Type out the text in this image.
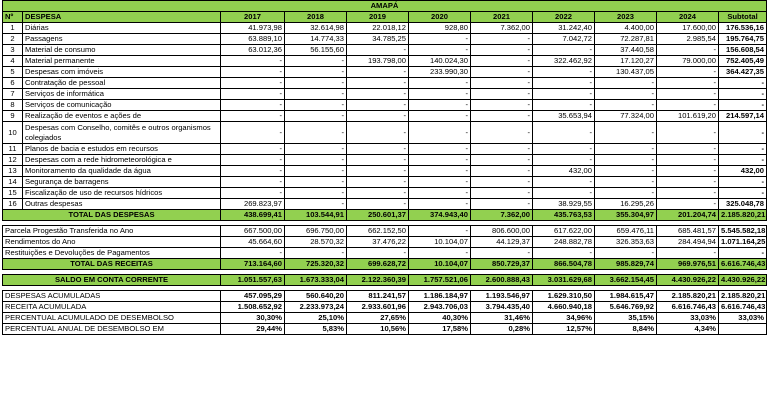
AMAPÁ										
Nº	DESPESA	2017	2018	2019	2020	2021	2022	2023	2024	Subtotal
1	Diárias	41.973,98	32.614,98	22.018,12	928,80	7.362,00	31.242,40	4.400,00	17.600,00	176.536,16
2	Passagens	63.889,10	14.774,33	34.785,25	-	-	7.042,72	72.287,81	2.985,54	195.764,75
3	Material de consumo	63.012,36	56.155,60	-	-	-	-	37.440,58	-	156.608,54
4	Material permanente	-	-	193.798,00	140.024,30	-	322.462,92	17.120,27	79.000,00	752.405,49
5	Despesas com imóveis	-	-	-	233.990,30	-	-	130.437,05	-	364.427,35
6	Contratação de pessoal	-	-	-	-	-	-	-	-	-
7	Serviços de informática	-	-	-	-	-	-	-	-	-
8	Serviços de comunicação	-	-	-	-	-	-	-	-	-
9	Realização de eventos e ações de	-	-	-	-	-	35.653,94	77.324,00	101.619,20	214.597,14
10	Despesas com Conselho, comitês e outros organismos colegiados	-	-	-	-	-	-	-	-	-
11	Planos de bacia e estudos em recursos	-	-	-	-	-	-	-	-	-
12	Despesas com a rede hidrometeorológica e	-	-	-	-	-	-	-	-	-
13	Monitoramento da qualidade da água	-	-	-	-	-	432,00	-	-	432,00
14	Segurança de barragens	-	-	-	-	-	-	-	-	-
15	Fiscalização de uso de recursos hídricos	-	-	-	-	-	-	-	-	-
16	Outras despesas	269.823,97	-	-	-	-	38.929,55	16.295,26	-	325.048,78
TOTAL DAS DESPESAS		438.699,41	103.544,91	250.601,37	374.943,40	7.362,00	435.763,53	355.304,97	201.204,74	2.185.820,21

Parcela Progestão Transferida no Ano		667.500,00	696.750,00	662.152,50	-	806.600,00	617.622,00	659.476,11	685.481,57	5.545.582,18
Rendimentos do Ano		45.664,60	28.570,32	37.476,22	10.104,07	44.129,37	248.882,78	326.353,63	284.494,94	1.071.164,25
Restituições e Devoluções de Pagamentos		-	-	-	-	-	-	-	-	-
TOTAL DAS RECEITAS		713.164,60	725.320,32	699.628,72	10.104,07	850.729,37	866.504,78	985.829,74	969.976,51	6.616.746,43

SALDO EM CONTA CORRENTE		1.051.557,63	1.673.333,04	2.122.360,39	1.757.521,06	2.600.888,43	3.031.629,68	3.662.154,45	4.430.926,22	4.430.926,22

DESPESAS ACUMULADAS		457.095,29	560.640,20	811.241,57	1.186.184,97	1.193.546,97	1.629.310,50	1.984.615,47	2.185.820,21	2.185.820,21
RECEITA ACUMULADA		1.508.652,92	2.233.973,24	2.933.601,96	2.943.706,03	3.794.435,40	4.660.940,18	5.646.769,92	6.616.746,43	6.616.746,43
PERCENTUAL ACUMULADO DE DESEMBOLSO		30,30%	25,10%	27,65%	40,30%	31,46%	34,96%	35,15%	33,03%	33,03%
PERCENTUAL ANUAL DE DESEMBOLSO EM		29,44%	5,83%	10,56%	17,58%	0,28%	12,57%	8,84%	4,34%	
